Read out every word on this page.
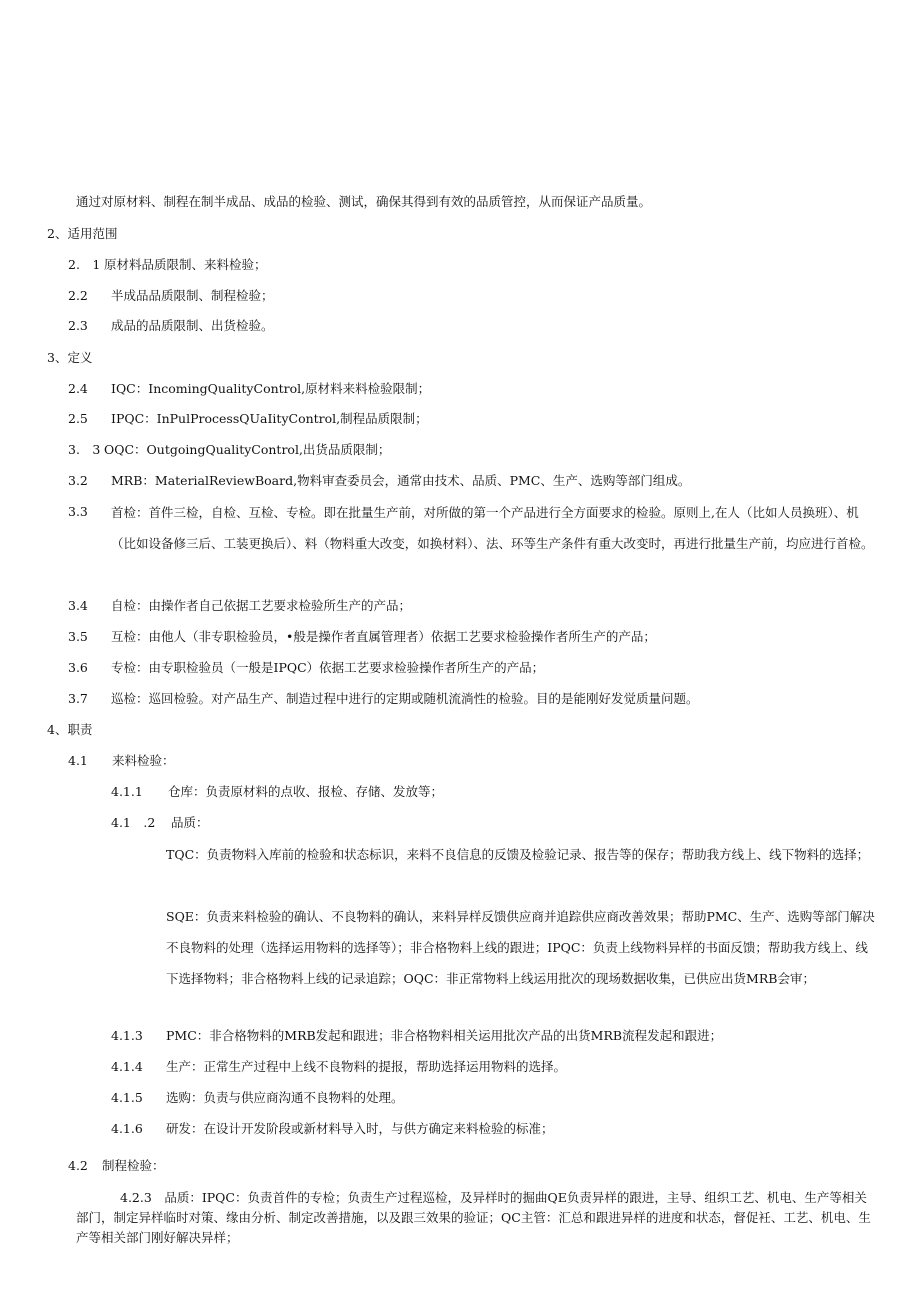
通过对原材料、制程在制半成品、成品的检验、测试，确保其得到有效的品质管控，从而保证产品质量。
2、适用范围
2.　1 原材料品质限制、来料检验；
2.2 半成品品质限制、制程检验；
2.3 成品的品质限制、出货检验。
3、定义
2.4 IQC：IncomingQualityControl,原材料来料检验限制；
2.5 IPQC：InPulProcessQUaIityControl,制程品质限制；
3.　3 OQC：OutgoingQualityControl,出货品质限制；
3.2 MRB：MaterialReviewBoard,物料审查委员会，通常由技术、品质、PMC、生产、选购等部门组成。
3.3 首检：首件三检，自检、互检、专检。即在批量生产前，对所做的第一个产品进行全方面要求的检验。原则上,在人（比如人员换班）、机（比如设备修三后、工装更换后）、料（物料重大改变，如换材料）、法、环等生产条件有重大改变时，再进行批量生产前，均应进行首检。
3.4 自检：由操作者自己依据工艺要求检验所生产的产品；
3.5 互检：由他人（非专职检验员，•般是操作者直属管理者）依据工艺要求检验操作者所生产的产品；
3.6 专检：由专职检验员（一般是IPQC）依据工艺要求检验操作者所生产的产品；
3.7 巡检：巡回检验。对产品生产、制造过程中进行的定期或随机流淌性的检验。目的是能刚好发觉质量问题。
4、职责
4.1 来料检验：
4.1.1 仓库：负责原材料的点收、报检、存储、发放等；
4.1　.2 品质：
TQC：负责物料入库前的检验和状态标识，来料不良信息的反馈及检验记录、报告等的保存；帮助我方线上、线下物料的选择；
SQE：负责来料检验的确认、不良物料的确认，来料异样反馈供应商并追踪供应商改善效果；帮助PMC、生产、选购等部门解决不良物料的处理（选择运用物料的选择等）；非合格物料上线的跟进；IPQC：负责上线物料异样的书面反馈；帮助我方线上、线下选择物料；非合格物料上线的记录追踪；OQC：非正常物料上线运用批次的现场数据收集，已供应出货MRB会审；
4.1.3 PMC：非合格物料的MRB发起和跟进；非合格物料相关运用批次产品的出货MRB流程发起和跟进；
4.1.4 生产：正常生产过程中上线不良物料的提报，帮助选择运用物料的选择。
4.1.5 选购：负责与供应商沟通不良物料的处理。
4.1.6 研发：在设计开发阶段或新材料导入时，与供方确定来料检验的标准；
4.2 制程检验：
4.2.3　 品质：IPQC：负责首件的专检；负责生产过程巡检，及异样时的掘曲QE负责异样的跟进，主导、组织工艺、机电、生产等相关部门，制定异样临时对策、缘由分析、制定改善措施，以及跟三效果的验证；QC主管：汇总和跟进异样的进度和状态，督促衽、工艺、机电、生产等相关部门刚好解决异样；
